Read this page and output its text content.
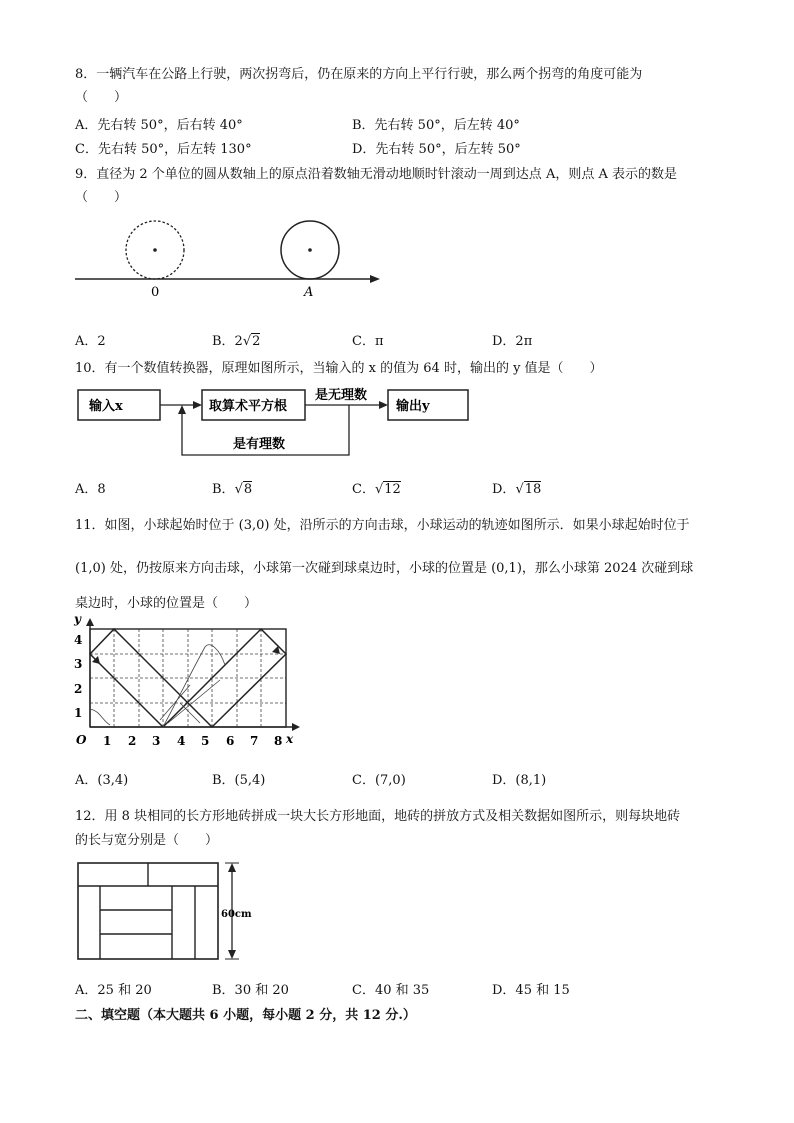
8．一辆汽车在公路上行驶，两次拐弯后，仍在原来的方向上平行行驶，那么两个拐弯的角度可能为
（　　）
A．先右转 50°，后右转 40°	B．先右转 50°，后左转 40°
C．先右转 50°，后左转 130°	D．先右转 50°，后左转 50°
9．直径为 2 个单位的圆从数轴上的原点沿着数轴无滑动地顺时针滚动一周到达点 A，则点 A 表示的数是
（　　）
0	A
A．2	B．2√2	C．π	D．2π
10．有一个数值转换器，原理如图所示，当输入的 x 的值为 64 时，输出的 y 值是（　　）
输入x	取算术平方根
是无理数
输出y
是有理数
A．8	B．√8	C．√12	D．√18
11．如图，小球起始时位于 (3,0) 处，沿所示的方向击球，小球运动的轨迹如图所示．如果小球起始时位于
(1,0) 处，仍按原来方向击球，小球第一次碰到球桌边时，小球的位置是 (0,1)，那么小球第 2024 次碰到球
桌边时，小球的位置是（　　）
y
x
O 1 2 3 4 5 6 7 8
1
2
3
4
A．(3,4)	B．(5,4)	C．(7,0)	D．(8,1)
12．用 8 块相同的长方形地砖拼成一块大长方形地面，地砖的拼放方式及相关数据如图所示，则每块地砖
的长与宽分别是（　　）
60cm
A．25 和 20	B．30 和 20	C．40 和 35	D．45 和 15
二、填空题（本大题共 6 小题，每小题 2 分，共 12 分.）
